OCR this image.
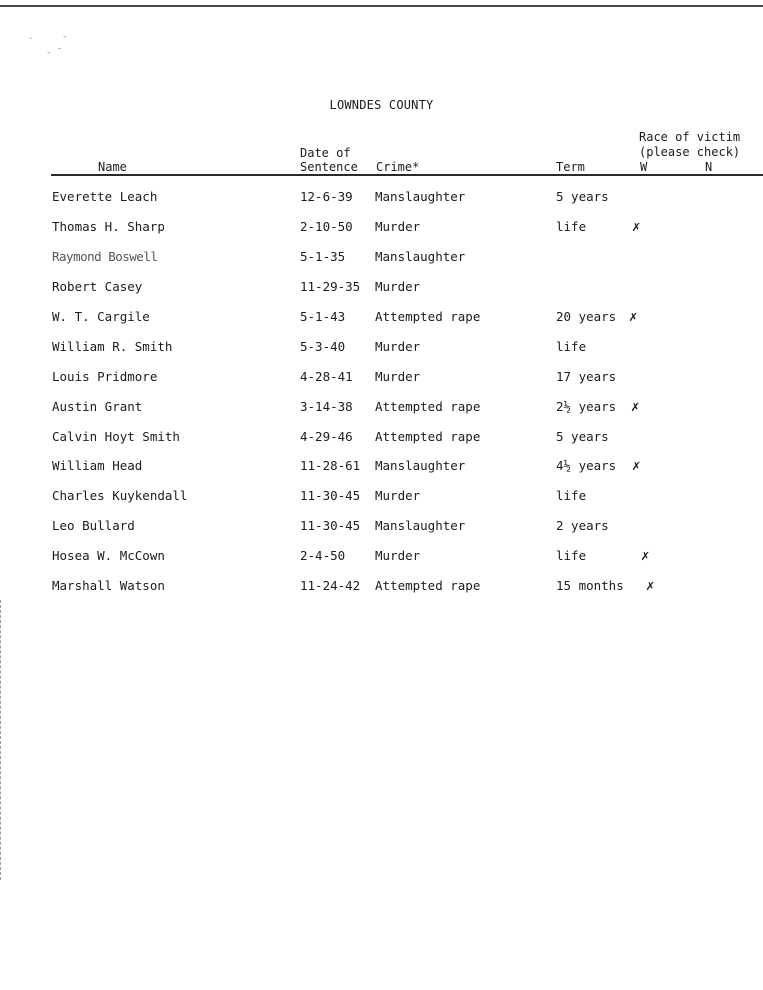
LOWNDES COUNTY
Name
Date of
Sentence Crime*	Term
Race of victim
(please check)
W	N
Everette Leach	12-6-39 Manslaughter	5 years
Thomas H. Sharp	2-10-50 Murder	life	✗
Raymond Boswell	5-1-35 Manslaughter
Robert Casey	11-29-35 Murder
W. T. Cargile	5-1-43 Attempted rape	20 years ✗
William R. Smith	5-3-40 Murder	life
Louis Pridmore	4-28-41 Murder	17 years
Austin Grant	3-14-38 Attempted rape	2½ years ✗
Calvin Hoyt Smith	4-29-46 Attempted rape	5 years
William Head	11-28-61 Manslaughter	4½ years ✗
Charles Kuykendall	11-30-45 Murder	life
Leo Bullard	11-30-45 Manslaughter	2 years
Hosea W. McCown	2-4-50 Murder	life	✗
Marshall Watson	11-24-42 Attempted rape	15 months ✗
.	-
- ˜
